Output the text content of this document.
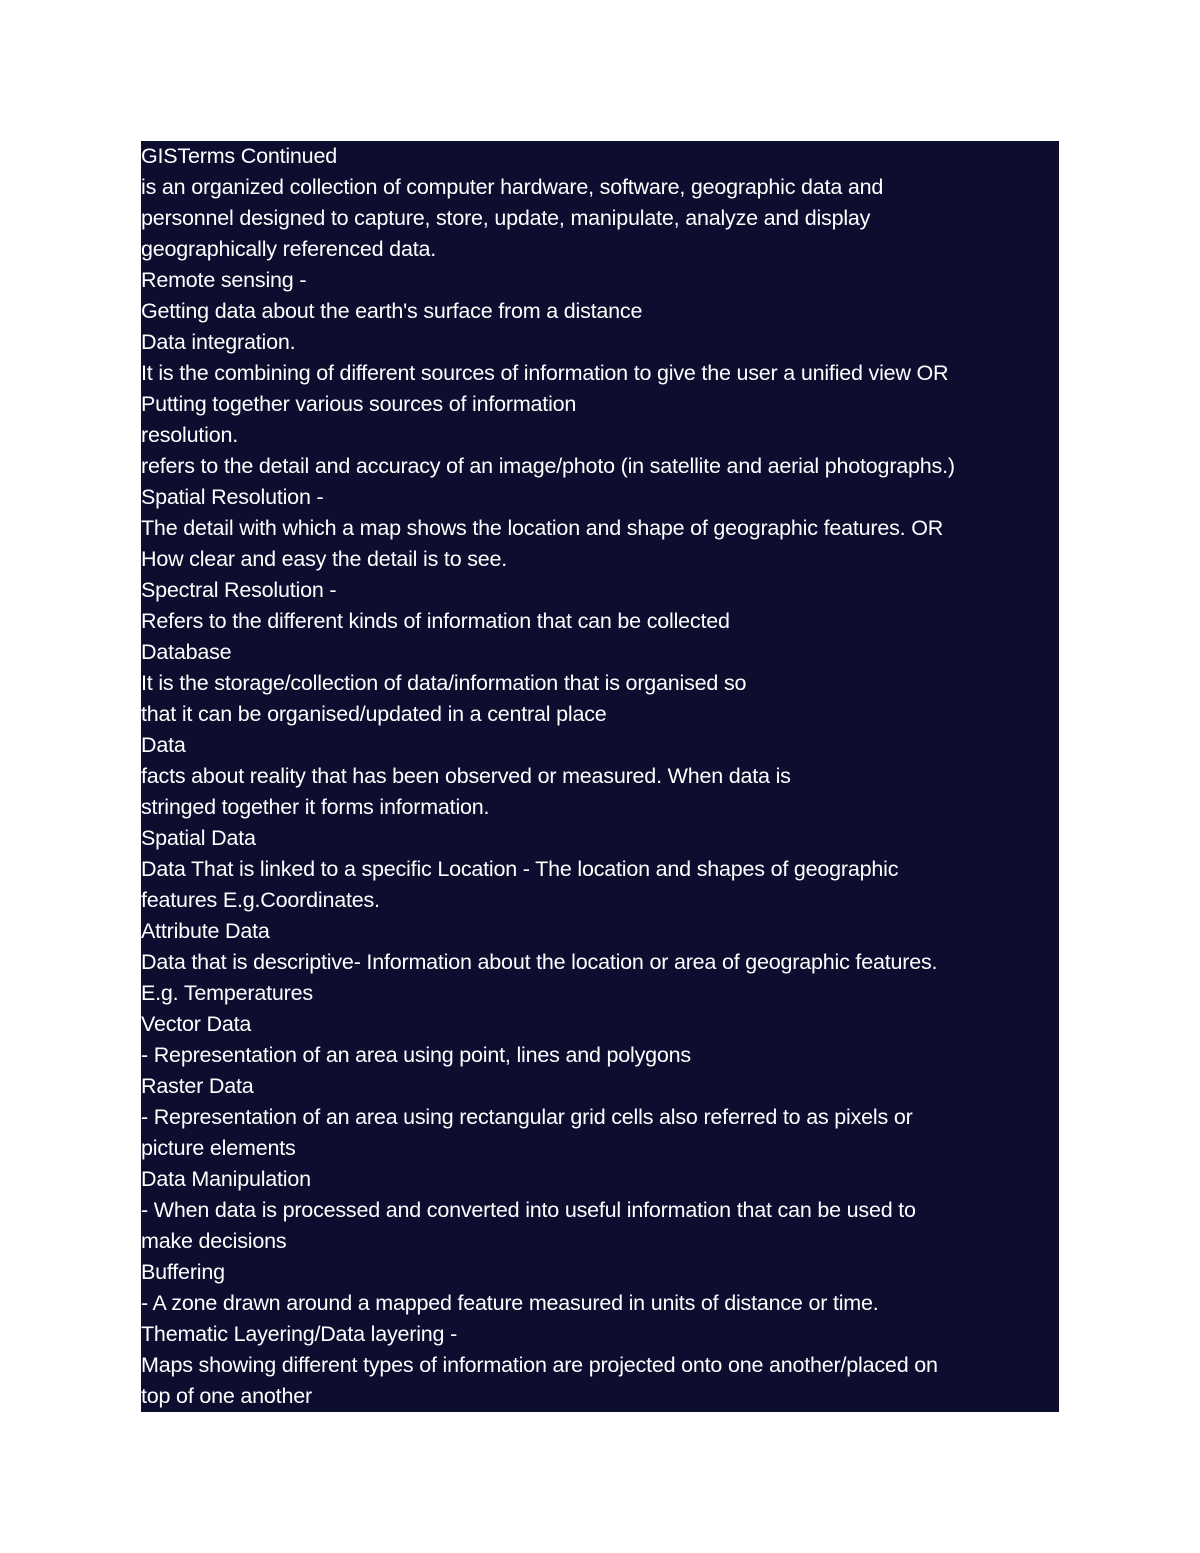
GISTerms Continued

is an organized collection of computer hardware, software, geographic data and

personnel designed to capture, store, update, manipulate, analyze and display

geographically referenced data.

Remote sensing -

Getting data about the earth's surface from a distance

Data integration.

It is the combining of different sources of information to give the user a unified view OR

Putting together various sources of information

resolution.

refers to the detail and accuracy of an image/photo (in satellite and aerial photographs.)

Spatial Resolution -

The detail with which a map shows the location and shape of geographic features. OR

How clear and easy the detail is to see.

Spectral Resolution -

Refers to the different kinds of information that can be collected

Database

It is the storage/collection of data/information that is organised so

that it can be organised/updated in a central place

Data

facts about reality that has been observed or measured. When data is

stringed together it forms information.

Spatial Data

Data That is linked to a specific Location - The location and shapes of geographic

features E.g.Coordinates.

Attribute Data

Data that is descriptive- Information about the location or area of geographic features.

E.g. Temperatures

Vector Data

- Representation of an area using point, lines and polygons

Raster Data

- Representation of an area using rectangular grid cells also referred to as pixels or

picture elements

Data Manipulation

- When data is processed and converted into useful information that can be used to

make decisions

Buffering

- A zone drawn around a mapped feature measured in units of distance or time.

Thematic Layering/Data layering -

Maps showing different types of information are projected onto one another/placed on

top of one another
